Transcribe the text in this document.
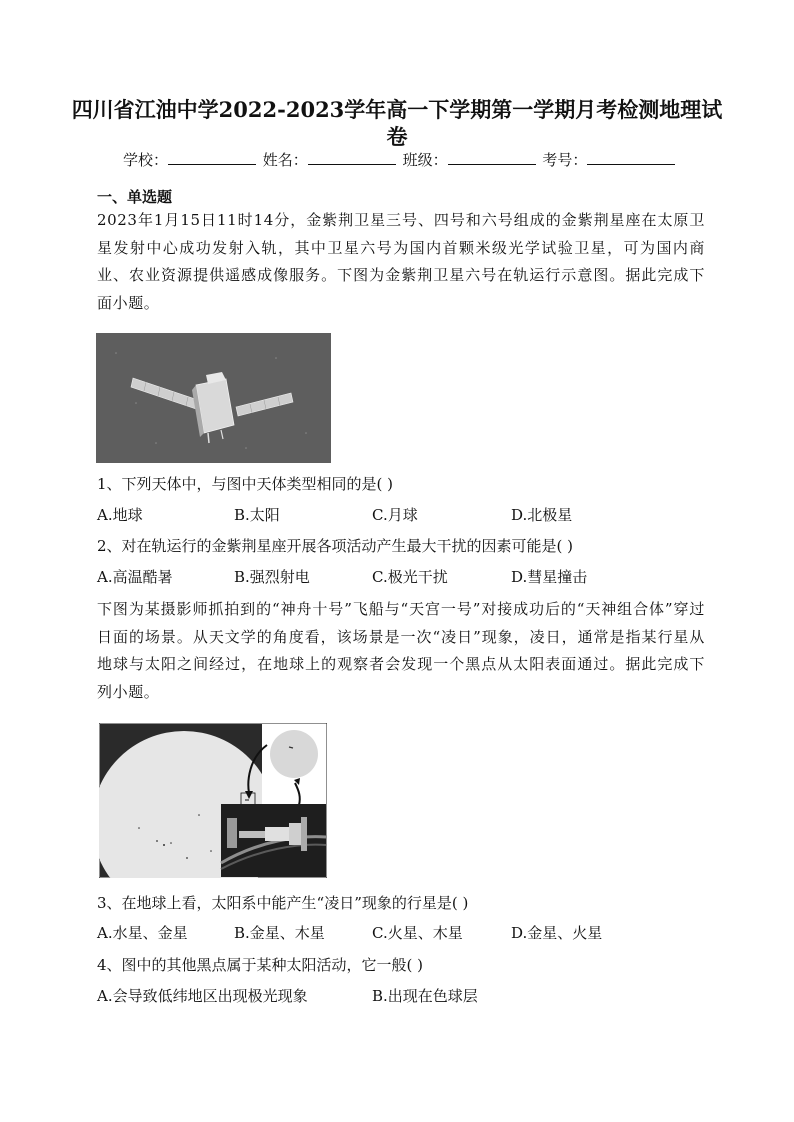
四川省江油中学2022-2023学年高一下学期第一学期月考检测地理试
卷
学校：	姓名：	班级：	考号：
一、单选题
2023年1月15日11时14分，金紫荆卫星三号、四号和六号组成的金紫荆星座在太原卫星发射中心成功发射入轨，其中卫星六号为国内首颗米级光学试验卫星，可为国内商业、农业资源提供遥感成像服务。下图为金紫荆卫星六号在轨运行示意图。据此完成下面小题。
1、下列天体中，与图中天体类型相同的是( )
A.地球	B.太阳	C.月球	D.北极星
2、对在轨运行的金紫荆星座开展各项活动产生最大干扰的因素可能是( )
A.高温酷暑	B.强烈射电	C.极光干扰	D.彗星撞击
下图为某摄影师抓拍到的“神舟十号”飞船与“天宫一号”对接成功后的“天神组合体”穿过日面的场景。从天文学的角度看，该场景是一次“凌日”现象，凌日，通常是指某行星从地球与太阳之间经过，在地球上的观察者会发现一个黑点从太阳表面通过。据此完成下列小题。
3、在地球上看，太阳系中能产生“凌日”现象的行星是( )
A.水星、金星	B.金星、木星	C.火星、木星	D.金星、火星
4、图中的其他黑点属于某种太阳活动，它一般( )
A.会导致低纬地区出现极光现象	B.出现在色球层
